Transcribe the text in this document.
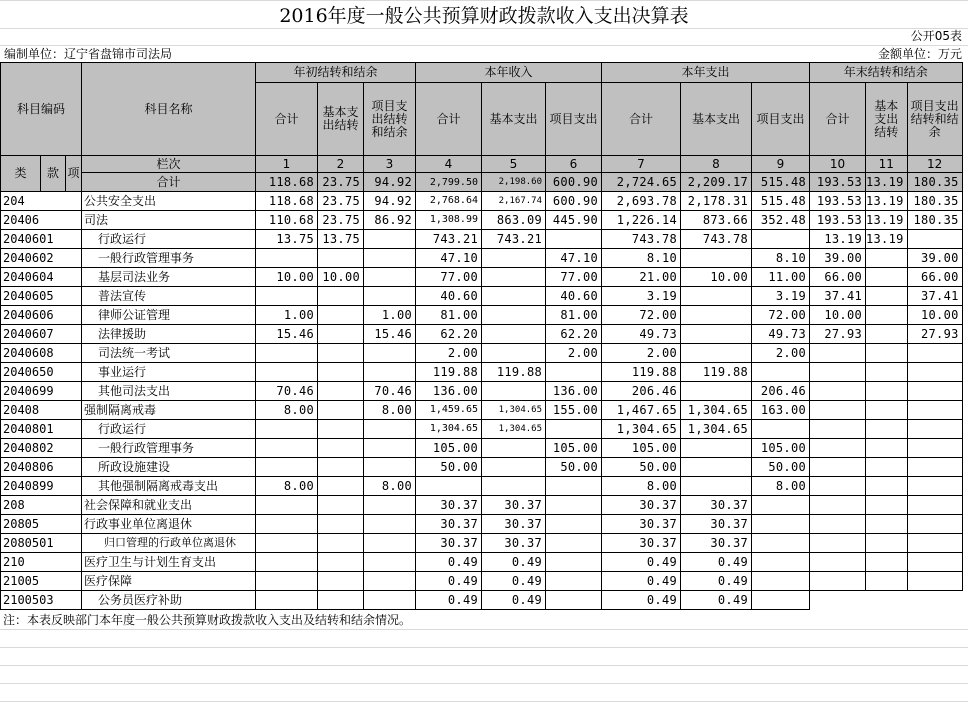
2016年度一般公共预算财政拨款收入支出决算表
公开05表
编制单位：辽宁省盘锦市司法局	金额单位：万元
科目编码			科目名称	年初结转和结余			本年收入			本年支出			年末结转和结余		
				合计	基本支出结转	项目支出结转和结余	合计	基本支出	项目支出	合计	基本支出	项目支出	合计	基本支出结转	项目支出结转和结余
类	款	项	栏次	1	2	3	4	5	6	7	8	9	10	11	12
			合计	118.68	23.75	94.92	2,799.50	2,198.60	600.90	2,724.65	2,209.17	515.48	193.53	13.19	180.35
204			公共安全支出	118.68	23.75	94.92	2,768.64	2,167.74	600.90	2,693.78	2,178.31	515.48	193.53	13.19	180.35
20406			司法	110.68	23.75	86.92	1,308.99	863.09	445.90	1,226.14	873.66	352.48	193.53	13.19	180.35
2040601			行政运行	13.75	13.75		743.21	743.21		743.78	743.78		13.19	13.19	
2040602			一般行政管理事务				47.10		47.10	8.10		8.10	39.00		39.00
2040604			基层司法业务	10.00	10.00		77.00		77.00	21.00	10.00	11.00	66.00		66.00
2040605			普法宣传				40.60		40.60	3.19		3.19	37.41		37.41
2040606			律师公证管理	1.00		1.00	81.00		81.00	72.00		72.00	10.00		10.00
2040607			法律援助	15.46		15.46	62.20		62.20	49.73		49.73	27.93		27.93
2040608			司法统一考试				2.00		2.00	2.00		2.00			
2040650			事业运行				119.88	119.88		119.88	119.88				
2040699			其他司法支出	70.46		70.46	136.00		136.00	206.46		206.46			
20408			强制隔离戒毒	8.00		8.00	1,459.65	1,304.65	155.00	1,467.65	1,304.65	163.00			
2040801			行政运行				1,304.65	1,304.65		1,304.65	1,304.65				
2040802			一般行政管理事务				105.00		105.00	105.00		105.00			
2040806			所政设施建设				50.00		50.00	50.00		50.00			
2040899			其他强制隔离戒毒支出	8.00		8.00				8.00		8.00			
208			社会保障和就业支出				30.37	30.37		30.37	30.37				
20805			行政事业单位离退休				30.37	30.37		30.37	30.37				
2080501			归口管理的行政单位离退休				30.37	30.37		30.37	30.37				
210			医疗卫生与计划生育支出				0.49	0.49		0.49	0.49				
21005			医疗保障				0.49	0.49		0.49	0.49				
2100503			公务员医疗补助				0.49	0.49		0.49	0.49				
注：本表反映部门本年度一般公共预算财政拨款收入支出及结转和结余情况。
